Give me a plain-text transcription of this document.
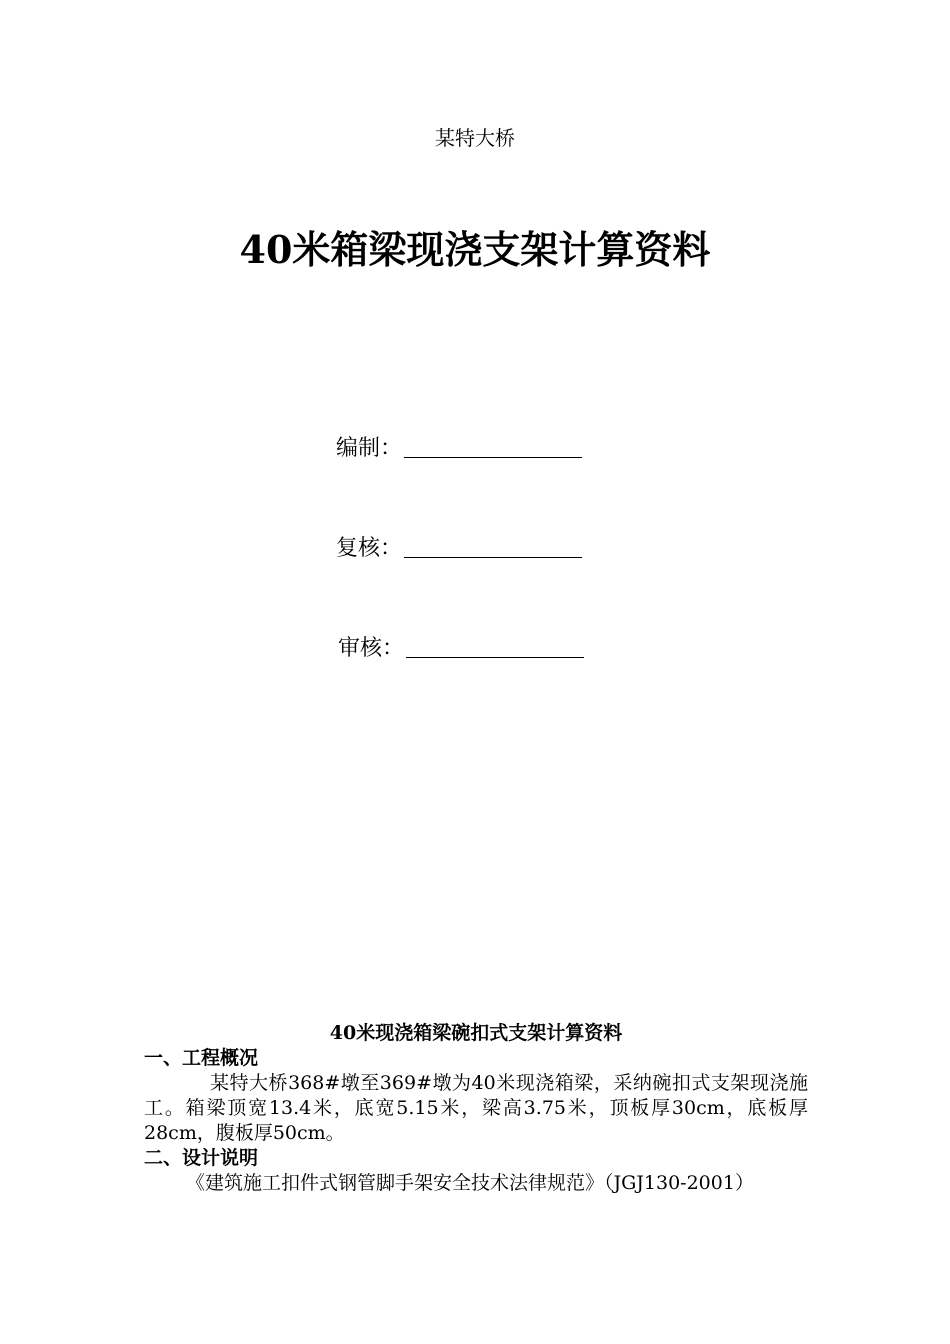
某特大桥
40米箱梁现浇支架计算资料
编制：
复核：
审核：
40米现浇箱梁碗扣式支架计算资料
一、工程概况

某特大桥368#墩至369#墩为40米现浇箱梁，采纳碗扣式支架现浇施工。箱梁顶宽13.4米，底宽5.15米，梁高3.75米，顶板厚30cm，底板厚28cm，腹板厚50cm。

二、设计说明

《建筑施工扣件式钢管脚手架安全技术法律规范》（JGJ130-2001）
